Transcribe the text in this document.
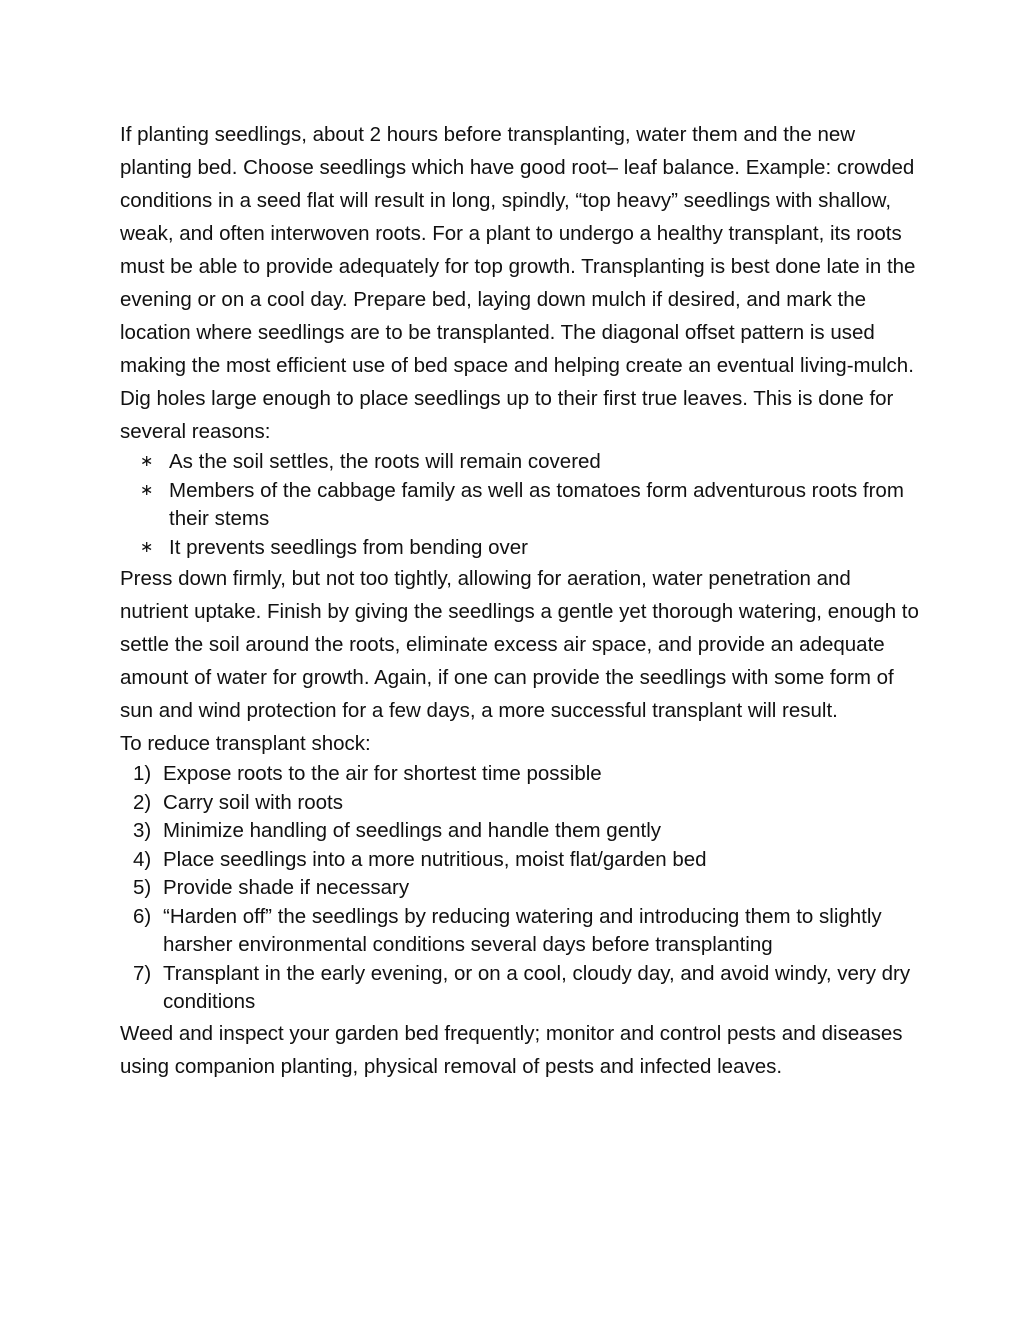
If planting seedlings, about 2 hours before transplanting, water them and the new planting bed. Choose seedlings which have good root– leaf balance. Example: crowded conditions in a seed flat will result in long, spindly, “top heavy” seedlings with shallow, weak, and often interwoven roots. For a plant to undergo a healthy transplant, its roots must be able to provide adequately for top growth. Transplanting is best done late in the evening or on a cool day. Prepare bed, laying down mulch if desired, and mark the location where seedlings are to be transplanted. The diagonal offset pattern is used making the most efficient use of bed space and helping create an eventual living-mulch. Dig holes large enough to place seedlings up to their first true leaves. This is done for several reasons:

∗ As the soil settles, the roots will remain covered
∗ Members of the cabbage family as well as tomatoes form adventurous roots from their stems
∗ It prevents seedlings from bending over

Press down firmly, but not too tightly, allowing for aeration, water penetration and nutrient uptake. Finish by giving the seedlings a gentle yet thorough watering, enough to settle the soil around the roots, eliminate excess air space, and provide an adequate amount of water for growth. Again, if one can provide the seedlings with some form of sun and wind protection for a few days, a more successful transplant will result.

To reduce transplant shock:

1) Expose roots to the air for shortest time possible
2) Carry soil with roots
3) Minimize handling of seedlings and handle them gently
4) Place seedlings into a more nutritious, moist flat/garden bed
5) Provide shade if necessary
6) “Harden off” the seedlings by reducing watering and introducing them to slightly harsher environmental conditions several days before transplanting
7) Transplant in the early evening, or on a cool, cloudy day, and avoid windy, very dry conditions

Weed and inspect your garden bed frequently; monitor and control pests and diseases using companion planting, physical removal of pests and infected leaves.
